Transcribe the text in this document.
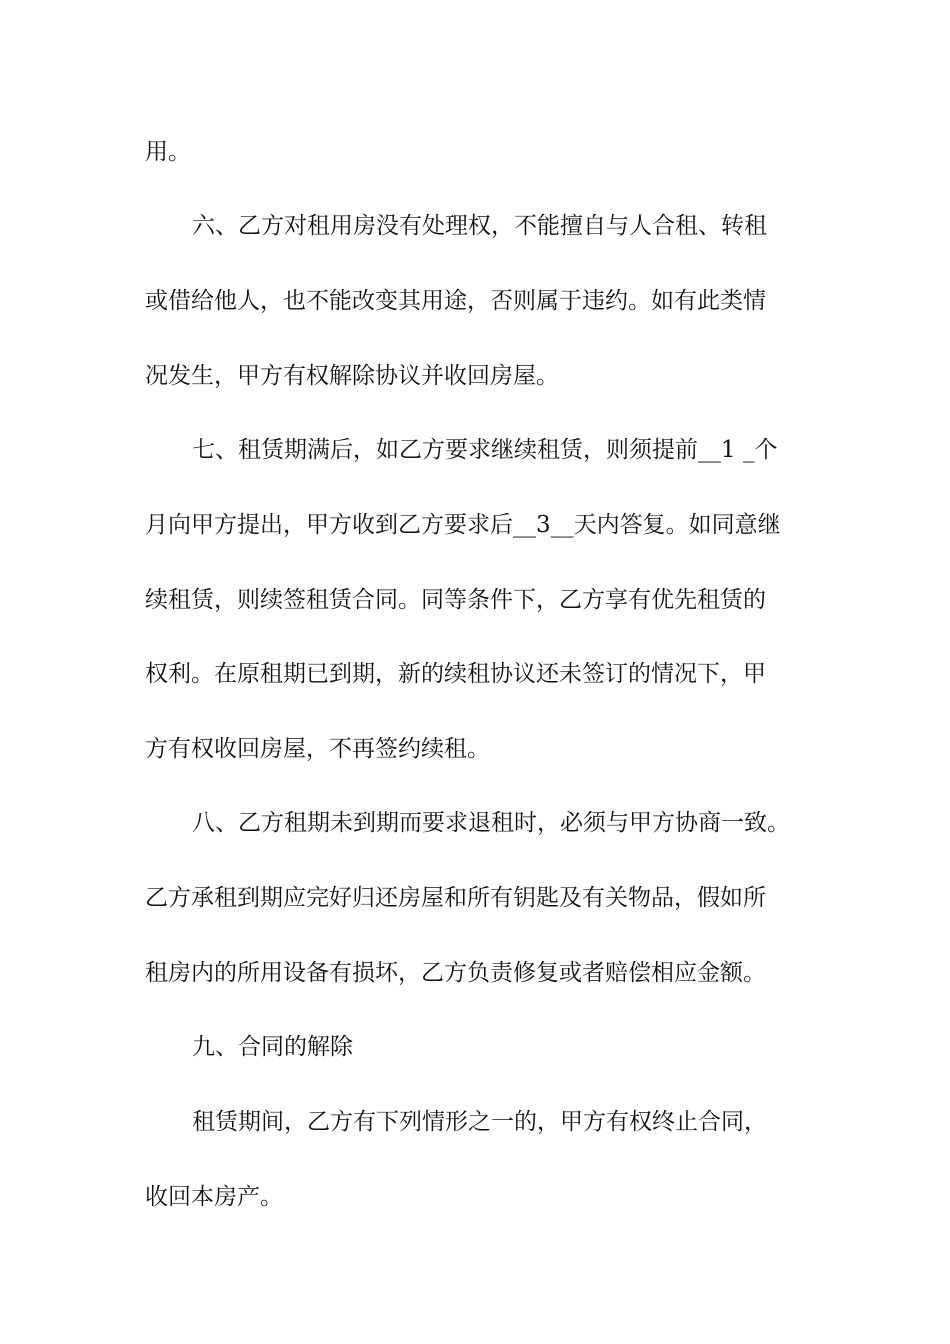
用。
六、乙方对租用房没有处理权，不能擅自与人合租、转租
或借给他人，也不能改变其用途，否则属于违约。如有此类情
况发生，甲方有权解除协议并收回房屋。
七、租赁期满后，如乙方要求继续租赁，则须提前__1 _个
月向甲方提出，甲方收到乙方要求后__3__天内答复。如同意继
续租赁，则续签租赁合同。同等条件下，乙方享有优先租赁的
权利。在原租期已到期，新的续租协议还未签订的情况下，甲
方有权收回房屋，不再签约续租。
八、乙方租期未到期而要求退租时，必须与甲方协商一致。
乙方承租到期应完好归还房屋和所有钥匙及有关物品，假如所
租房内的所用设备有损坏，乙方负责修复或者赔偿相应金额。
九、合同的解除
租赁期间，乙方有下列情形之一的，甲方有权终止合同，
收回本房产。
